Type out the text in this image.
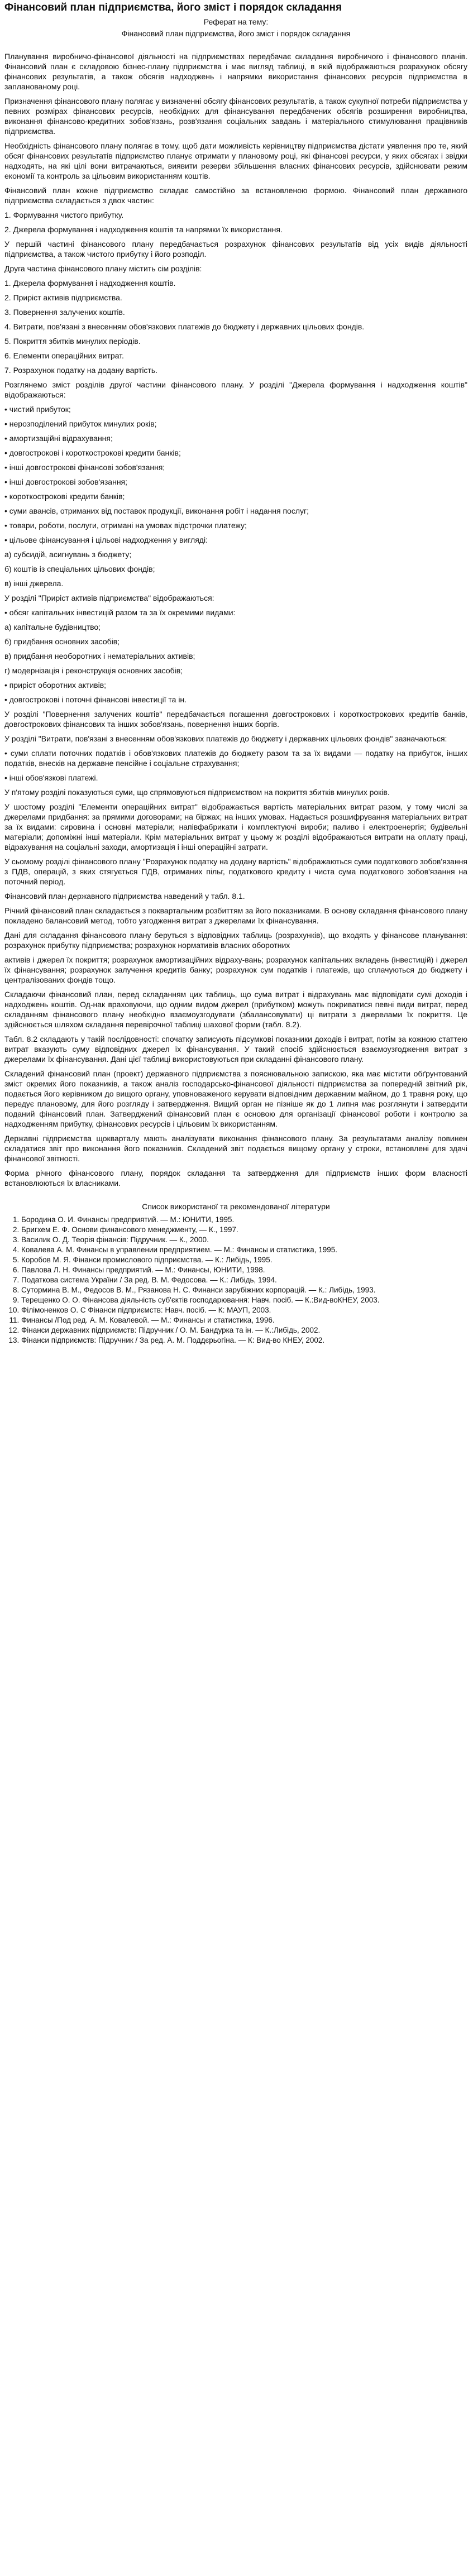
Фінансовий план підприємства, його зміст і порядок складання
Реферат на тему:
Фінансовий план підприємства, його зміст і порядок складання

Планування виробничо-фінансової діяльності на підприємствах передбачає складання виробничого і фінансового планів. Фінансовий план є складовою бізнес-плану підприємства і має вигляд таблиці, в якій відображаються розрахунок обсягу фінансових результатів, а також обсягів надходжень і напрямки використання фінансових ресурсів підприємства в запланованому році.

Призначення фінансового плану полягає у визначенні обсягу фінансових результатів, а також сукупної потреби підприємства у певних розмірах фінансових ресурсів, необхідних для фінансування передбачених обсягів розширення виробництва, виконання фінансово-кредитних зобов'язань, розв'язання соціальних завдань і матеріального стимулювання працівників підприємства.

Необхідність фінансового плану полягає в тому, щоб дати можливість керівництву підприємства дістати уявлення про те, який обсяг фінансових результатів підприємство планує отримати у плановому році, які фінансові ресурси, у яких обсягах і звідки надходять, на які цілі вони витрачаються, виявити резерви збільшення власних фінансових ресурсів, здійснювати режим економії та контроль за цільовим використанням коштів.

Фінансовий план кожне підприємство складає самостійно за встановленою формою. Фінансовий план державного підприємства складається з двох частин:

1. Формування чистого прибутку.

2. Джерела формування і надходження коштів та напрямки їх використання.

У першій частині фінансового плану передбачається розрахунок фінансових результатів від усіх видів діяльності підприємства, а також чистого прибутку і його розподіл.

Друга частина фінансового плану містить сім розділів:

1. Джерела формування і надходження коштів.

2. Приріст активів підприємства.

3. Повернення залучених коштів.

4. Витрати, пов'язані з внесенням обов'язкових платежів до бюджету і державних цільових фондів.

5. Покриття збитків минулих періодів.

6. Елементи операційних витрат.

7. Розрахунок податку на додану вартість.

Розглянемо зміст розділів другої частини фінансового плану. У розділі "Джерела формування і надходження коштів" відображаються:

• чистий прибуток;

• нерозподілений прибуток минулих років;

• амортизаційні відрахування;

• довгострокові і короткострокові кредити банків;

• інші довгострокові фінансові зобов'язання;

• інші довгострокові зобов'язання;

• короткострокові кредити банків;

• суми авансів, отриманих від поставок продукції, виконання робіт і надання послуг;

• товари, роботи, послуги, отримані на умовах відстрочки платежу;

• цільове фінансування і цільові надходження у вигляді:

а) субсидій, асигнувань з бюджету;

б) коштів із спеціальних цільових фондів;

в) інші джерела.

У розділі "Приріст активів підприємства" відображаються:

• обсяг капітальних інвестицій разом та за їх окремими видами:

а) капітальне будівництво;

б) придбання основних засобів;

в) придбання необоротних і нематеріальних активів;

г) модернізація і реконструкція основних засобів;

• приріст оборотних активів;

• довгострокові і поточні фінансові інвестиції та ін.

У розділі "Повернення залучених коштів" передбачається погашення довгострокових і короткострокових кредитів банків, довгострокових фінансових та інших зобов'язань, повернення інших боргів.

У розділі "Витрати, пов'язані з внесенням обов'язкових платежів до бюджету і державних цільових фондів" зазначаються:

• суми сплати поточних податків і обов'язкових платежів до бюджету разом та за їх видами — податку на прибуток, інших податків, внесків на державне пенсійне і соціальне страхування;

• інші обов'язкові платежі.

У п'ятому розділі показуються суми, що спрямовуються підприємством на покриття збитків минулих років.

У шостому розділі "Елементи операційних витрат" відображається вартість матеріальних витрат разом, у тому числі за джерелами придбання: за прямими договорами; на біржах; на інших умовах. Надається розшифрування матеріальних витрат за їх видами: сировина і основні матеріали; напівфабрикати і комплектуючі вироби; паливо і електроенергія; будівельні матеріали; допоміжні інші матеріали. Крім матеріальних витрат у цьому ж розділі відображаються витрати на оплату праці, відрахування на соціальні заходи, амортизація і інші операційні затрати.

У сьомому розділі фінансового плану "Розрахунок податку на додану вартість" відображаються суми податкового зобов'язання з ПДВ, операцій, з яких стягується ПДВ, отриманих пільг, податкового кредиту і чиста сума податкового зобов'язання на поточний період.

Фінансовий план державного підприємства наведений у табл. 8.1.

Річний фінансовий план складається з поквартальним розбиттям за його показниками. В основу складання фінансового плану покладено балансовий метод, тобто узгодження витрат з джерелами їх фінансування.

Дані для складання фінансового плану беруться з відповідних таблиць (розрахунків), що входять у фінансове планування: розрахунок прибутку підприємства; розрахунок нормативів власних оборотних

активів і джерел їх покриття; розрахунок амортизаційних відраху-вань; розрахунок капітальних вкладень (інвестицій) і джерел їх фінансування; розрахунок залучення кредитів банку; розрахунок сум податків і платежів, що сплачуються до бюджету і централізованих фондів тощо.

Складаючи фінансовий план, перед складанням цих таблиць, що сума витрат і відрахувань має відповідати сумі доходів і надходжень коштів. Од-нак враховуючи, що одним видом джерел (прибутком) можуть покриватися певні види витрат, перед складанням фінансового плану необхідно взаємоузгодувати (збалансовувати) ці витрати з джерелами їх покриття. Це здійснюється шляхом складання перевірочної таблиці шахової форми (табл. 8.2).

Табл. 8.2 складають у такій послідовності: спочатку записують підсумкові показники доходів і витрат, потім за кожною статтею витрат вказують суму відповідних джерел їх фінансування. У такий спосіб здійснюється взаємоузгодження витрат з джерелами їх фінансування. Дані цієї таблиці використовуються при складанні фінансового плану.

Складений фінансовий план (проект) державного підприємства з пояснювальною запискою, яка має містити обґрунтований зміст окремих його показників, а також аналіз господарсько-фінансової діяльності підприємства за попередній звітний рік, подається його керівником до вищого органу, уповноваженого керувати відповідним державним майном, до 1 травня року, що передує плановому, для його розгляду і затвердження. Вищий орган не пізніше як до 1 липня має розглянути і затвердити поданий фінансовий план. Затверджений фінансовий план є основою для організації фінансової роботи і контролю за надходженням прибутку, фінансових ресурсів і цільовим їх використанням.

Державні підприємства щокварталу мають аналізувати виконання фінансового плану. За результатами аналізу повинен складатися звіт про виконання його показників. Складений звіт подається вищому органу у строки, встановлені для здачі фінансової звітності.

Форма річного фінансового плану, порядок складання та затвердження для підприємств інших форм власності встановлюються їх власниками.

Список використаної та рекомендованої літератури
1. Бородина О. И. Финансы предприятий. — М.: ЮНИТИ, 1995.
2. Бригхем Е. Ф. Основи финансового менеджменту, — К., 1997.
3. Василик О. Д. Теорія фінансів: Підручник. — К., 2000.
4. Ковалева А. М. Финансы в управлении предприятием. — М.: Финансы и статистика, 1995.
5. Коробов М. Я. Фінанси промислового підприємства. — К.: Либідь, 1995.
6. Павлова Л. Н. Финансы предприятий. — М.: Финансы, ЮНИТИ, 1998.
7. Податкова система України / За ред. В. М. Федосова. — К.: Либідь, 1994.
8. Сутормина В. М., Федосов В. М., Рязанова Н. С. Финанси зарубіжних корпорацій. — К.: Либідь, 1993.
9. Терещенко О. О. Фінансова діяльність суб'єктів господарювання: Навч. посіб. — К.:Вид-воКНЕУ, 2003.
10. Філімоненков О. С Фінанси підприємств: Навч. посіб. — К: МАУП, 2003.
11. Финансы /Под ред. А. М. Ковалевой. — М.: Финансы и статистика, 1996.
12. Фінанси державних підприємств: Підручник / О. М. Бандурка та ін. — К.:Либідь, 2002.
13. Фінанси підприємств: Підручник / За ред. А. М. Поддєрьогіна. — К: Вид-во КНЕУ, 2002.
